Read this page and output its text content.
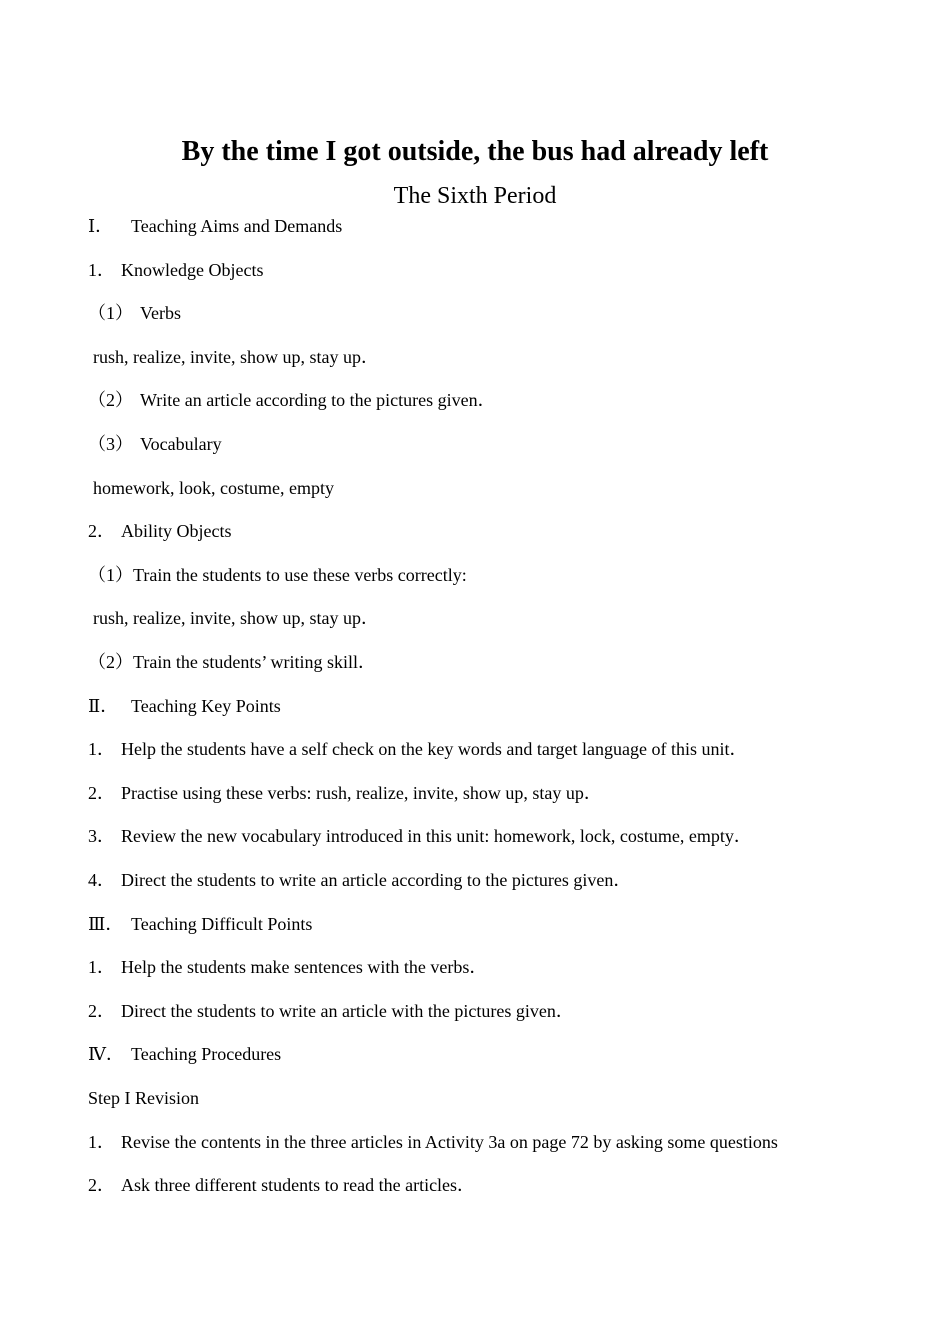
By the time I got outside, the bus had already left
The Sixth Period
Ⅰ． Teaching Aims and Demands
1． Knowledge Objects
（1） Verbs
rush, realize, invite, show up, stay up．
（2） Write an article according to the pictures given．
（3） Vocabulary
homework, look, costume, empty
2． Ability Objects
（1）Train the students to use these verbs correctly:
rush, realize, invite, show up, stay up．
（2）Train the students’ writing skill．
Ⅱ． Teaching Key Points
1． Help the students have a self check on the key words and target language of this unit．
2． Practise using these verbs: rush, realize, invite, show up, stay up．
3． Review the new vocabulary introduced in this unit: homework, lock, costume, empty．
4． Direct the students to write an article according to the pictures given．
Ⅲ． Teaching Difficult Points
1． Help the students make sentences with the verbs．
2． Direct the students to write an article with the pictures given．
Ⅳ． Teaching Procedures
Step I Revision
1． Revise the contents in the three articles in Activity 3a on page 72 by asking some questions
2． Ask three different students to read the articles．
